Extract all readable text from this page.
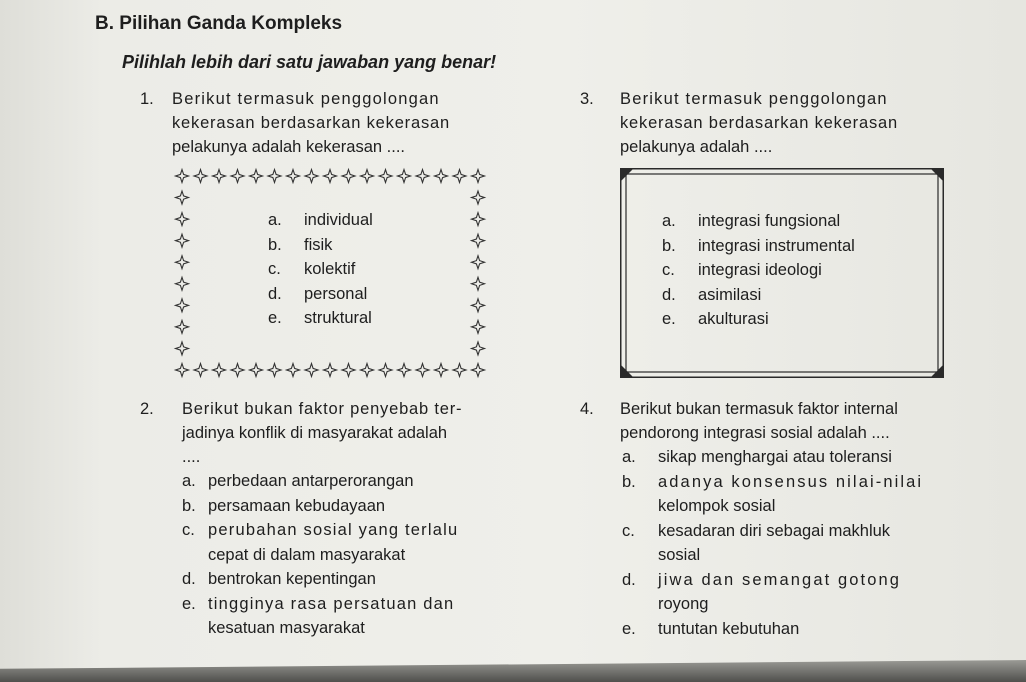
B. Pilihan Ganda Kompleks
Pilihlah lebih dari satu jawaban yang benar!
1. Berikut termasuk penggolongan
kekerasan berdasarkan kekerasan
pelakunya adalah kekerasan ....
a. individual
b. fisik
c. kolektif
d. personal
e. struktural
2. Berikut bukan faktor penyebab ter-
jadinya konflik di masyarakat adalah
....
a. perbedaan antarperorangan
b. persamaan kebudayaan
c. perubahan sosial yang terlalu
cepat di dalam masyarakat
d. bentrokan kepentingan
e. tingginya rasa persatuan dan
kesatuan masyarakat
3. Berikut termasuk penggolongan
kekerasan berdasarkan kekerasan
pelakunya adalah ....
a. integrasi fungsional
b. integrasi instrumental
c. integrasi ideologi
d. asimilasi
e. akulturasi
4. Berikut bukan termasuk faktor internal
pendorong integrasi sosial adalah ....
a. sikap menghargai atau toleransi
b. adanya konsensus nilai-nilai
kelompok sosial
c. kesadaran diri sebagai makhluk
sosial
d. jiwa dan semangat gotong
royong
e. tuntutan kebutuhan
